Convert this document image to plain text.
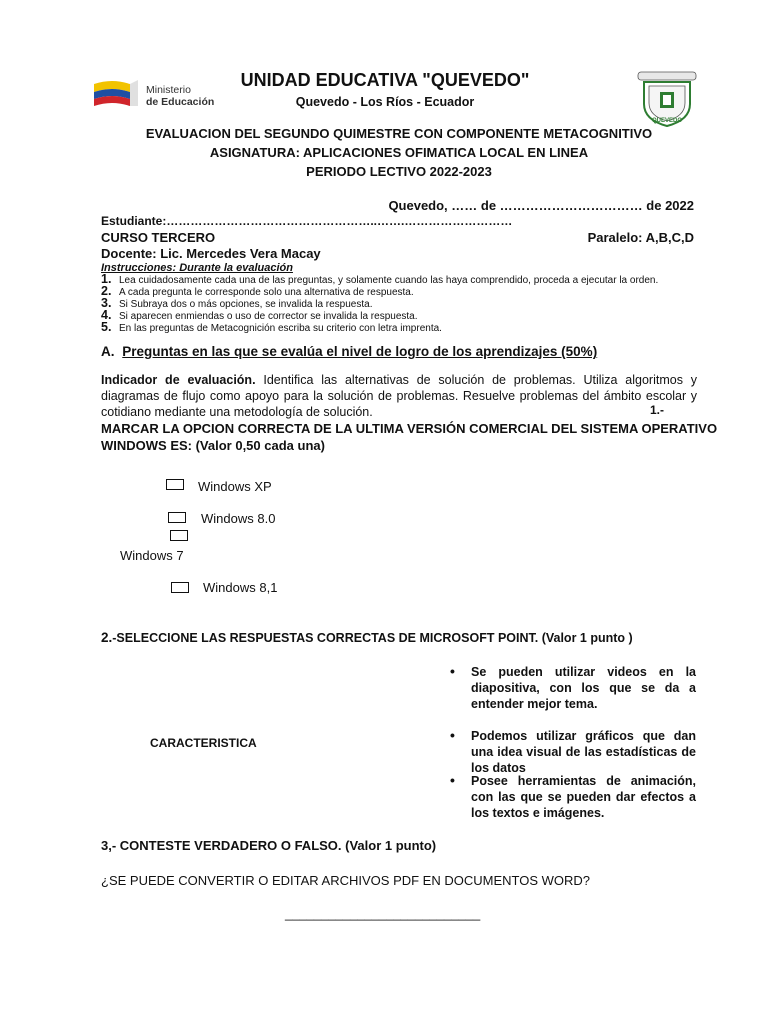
Ministerio
de Educación
QUEVEDO
UNIDAD EDUCATIVA "QUEVEDO"
Quevedo - Los Ríos - Ecuador
EVALUACION DEL SEGUNDO QUIMESTRE CON COMPONENTE METACOGNITIVO
ASIGNATURA: APLICACIONES OFIMATICA LOCAL EN LINEA
PERIODO LECTIVO 2022-2023
Quevedo, …… de …………………………… de 2022
Estudiante:……………………………………………..…….………………………
CURSO TERCERO	Paralelo: A,B,C,D
Docente: Lic. Mercedes Vera Macay
Instrucciones: Durante la evaluación
1. Lea cuidadosamente cada una de las preguntas, y solamente cuando las haya comprendido, proceda a ejecutar la orden.
2. A cada pregunta le corresponde solo una alternativa de respuesta.
3. Si Subraya dos o más opciones, se invalida la respuesta.
4. Si aparecen enmiendas o uso de corrector se invalida la respuesta.
5. En las preguntas de Metacognición escriba su criterio con letra imprenta.
A. Preguntas en las que se evalúa el nivel de logro de los aprendizajes (50%)
Indicador de evaluación. Identifica las alternativas de solución de problemas. Utiliza algoritmos y diagramas de flujo como apoyo para la solución de problemas. Resuelve problemas del ámbito escolar y cotidiano mediante una metodología de solución.	1.-
MARCAR LA OPCION CORRECTA DE LA ULTIMA VERSIÓN COMERCIAL DEL SISTEMA OPERATIVO
WINDOWS ES: (Valor 0,50 cada una)
Windows XP
Windows 8.0
Windows 7
Windows 8,1
2.-SELECCIONE LAS RESPUESTAS CORRECTAS DE MICROSOFT POINT. (Valor 1 punto )
CARACTERISTICA
• Se pueden utilizar videos en la diapositiva, con los que se da a entender mejor tema.
• Podemos utilizar gráficos que dan una idea visual de las estadísticas de los datos
• Posee herramientas de animación, con las que se pueden dar efectos a los textos e imágenes.
3,- CONTESTE VERDADERO O FALSO. (Valor 1 punto)
¿SE PUEDE CONVERTIR O EDITAR ARCHIVOS PDF EN DOCUMENTOS WORD?
___________________________
